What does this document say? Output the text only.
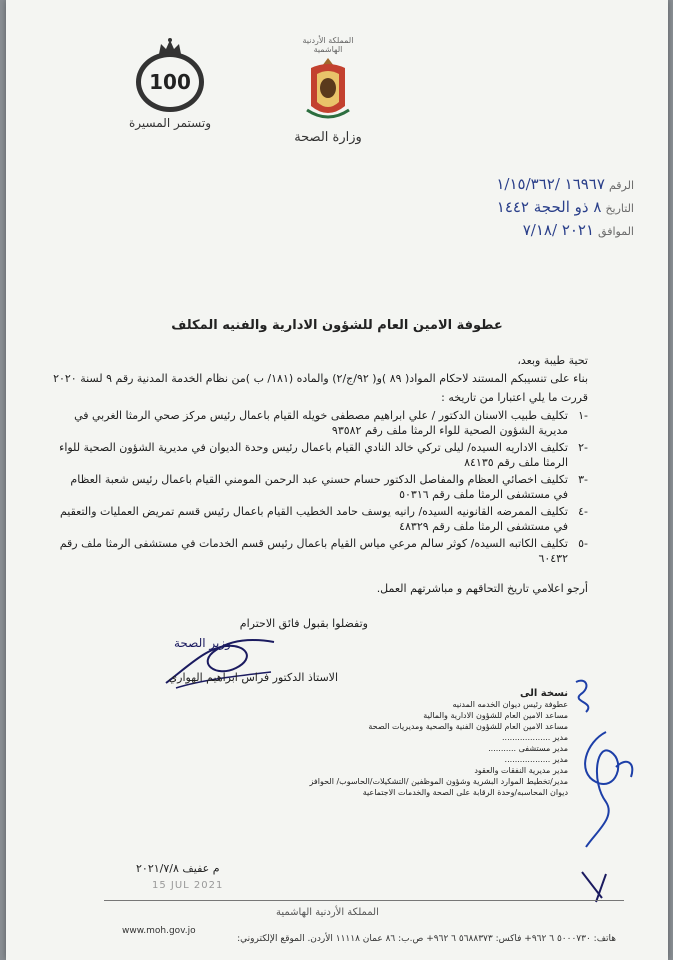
100
وتستمر المسيرة
المملكة الأردنية الهاشمية
وزارة الصحة
الرقم
١٦٩٦٧ /١/١٥/٣٦٢
التاريخ
٨ ذو الحجة ١٤٤٢
الموافق
٢٠٢١ /٧/١٨
عطوفة الامين العام للشؤون الادارية والفنيه المكلف

تحية طيبة وبعد،

بناء على تنسيبكم المستند لاحكام المواد( ٨٩ )و( ٩٢/ج/٢) والماده (١٨١/ ب )من نظام الخدمة المدنية رقم ٩ لسنة ٢٠٢٠

قررت ما يلي اعتبارا من تاريخه :

-١
تكليف طبيب الاسنان الدكتور / علي ابراهيم مصطفى خويله القيام باعمال رئيس مركز صحي الرمثا الغربي في مديرية الشؤون الصحية للواء الرمثا ملف رقم ٩٣٥٨٢
-٢
تكليف الاداريه السيده/ ليلى تركي خالد النادي القيام باعمال رئيس وحدة الديوان في مديرية الشؤون الصحية للواء الرمثا ملف رقم ٨٤١٣٥
-٣
تكليف اخصائي العظام والمفاصل الدكتور حسام حسني عبد الرحمن المومني القيام باعمال رئيس شعبة العظام في مستشفى الرمثا ملف رقم ٥٠٣١٦
-٤
تكليف الممرضه القانونيه السيده/ رانيه يوسف حامد الخطيب القيام باعمال رئيس قسم تمريض العمليات والتعقيم في مستشفى الرمثا ملف رقم ٤٨٣٢٩
-٥
تكليف الكاتبه السيده/ كوثر سالم مرعي مياس القيام باعمال رئيس قسم الخدمات في مستشفى الرمثا ملف رقم ٦٠٤٣٢

أرجو اعلامي تاريخ التحاقهم و مباشرتهم العمل.

وتفضلوا بقبول فائق الاحترام

وزير الصحة
الاستاذ الدكتور فراس ابراهيم الهواري
نسخة الى
عطوفة رئيس ديوان الخدمه المدنيه
مساعد الامين العام للشؤون الادارية والمالية
مساعد الامين العام للشؤون الفنية والصحية ومديريات الصحة
مدير ...................
مدير مستشفى ...........
مدير ..................
مدير مديرية النفقات والعقود
مدير/تخطيط الموارد البشرية وشؤون الموظفين /التشكيلات/الحاسوب/ الحوافز
ديوان المحاسبه/وحدة الرقابة على الصحة والخدمات الاجتماعية
م عفيف ٢٠٢١/٧/٨
15 JUL 2021
المملكة الأردنية الهاشمية
www.moh.gov.jo
هاتف: ٥٠٠٠٧٣٠ ٦ ٩٦٢+ فاكس: ٥٦٨٨٣٧٣ ٦ ٩٦٢+ ص.ب: ٨٦ عمان ١١١١٨ الأردن. الموقع الإلكتروني:
